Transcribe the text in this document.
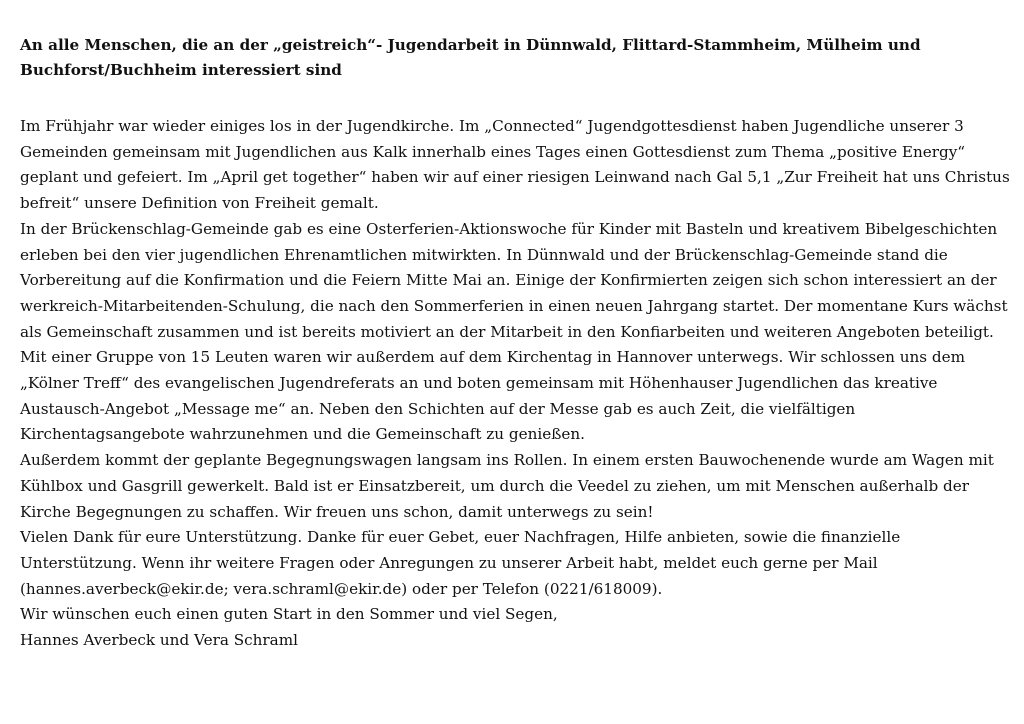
An alle Menschen, die an der „geistreich“- Jugendarbeit in Dünnwald, Flittard-Stammheim, Mülheim und Buchforst/Buchheim interessiert sind

Im Frühjahr war wieder einiges los in der Jugendkirche. Im „Connected“ Jugendgottesdienst haben Jugendliche unserer 3 Gemeinden gemeinsam mit Jugendlichen aus Kalk innerhalb eines Tages einen Gottesdienst zum Thema „positive Energy“ geplant und gefeiert. Im „April get together“ haben wir auf einer riesigen Leinwand nach Gal 5,1 „Zur Freiheit hat uns Christus befreit“ unsere Definition von Freiheit gemalt.

In der Brückenschlag-Gemeinde gab es eine Osterferien-Aktionswoche für Kinder mit Basteln und kreativem Bibelgeschichten erleben bei den vier jugendlichen Ehrenamtlichen mitwirkten. In Dünnwald und der Brückenschlag-Gemeinde stand die Vorbereitung auf die Konfirmation und die Feiern Mitte Mai an. Einige der Konfirmierten zeigen sich schon interessiert an der werkreich-Mitarbeitenden-Schulung, die nach den Sommerferien in einen neuen Jahrgang startet. Der momentane Kurs wächst als Gemeinschaft zusammen und ist bereits motiviert an der Mitarbeit in den Konfiarbeiten und weiteren Angeboten beteiligt.

Mit einer Gruppe von 15 Leuten waren wir außerdem auf dem Kirchentag in Hannover unterwegs. Wir schlossen uns dem „Kölner Treff“ des evangelischen Jugendreferats an und boten gemeinsam mit Höhenhauser Jugendlichen das kreative Austausch-Angebot „Message me“ an. Neben den Schichten auf der Messe gab es auch Zeit, die vielfältigen Kirchentagsangebote wahrzunehmen und die Gemeinschaft zu genießen.

Außerdem kommt der geplante Begegnungswagen langsam ins Rollen. In einem ersten Bauwochenende wurde am Wagen mit Kühlbox und Gasgrill gewerkelt. Bald ist er Einsatzbereit, um durch die Veedel zu ziehen, um mit Menschen außerhalb der Kirche Begegnungen zu schaffen. Wir freuen uns schon, damit unterwegs zu sein!

Vielen Dank für eure Unterstützung. Danke für euer Gebet, euer Nachfragen, Hilfe anbieten, sowie die finanzielle Unterstützung. Wenn ihr weitere Fragen oder Anregungen zu unserer Arbeit habt, meldet euch gerne per Mail (hannes.averbeck@ekir.de; vera.schraml@ekir.de) oder per Telefon (0221/618009).

Wir wünschen euch einen guten Start in den Sommer und viel Segen,

Hannes Averbeck und Vera Schraml
